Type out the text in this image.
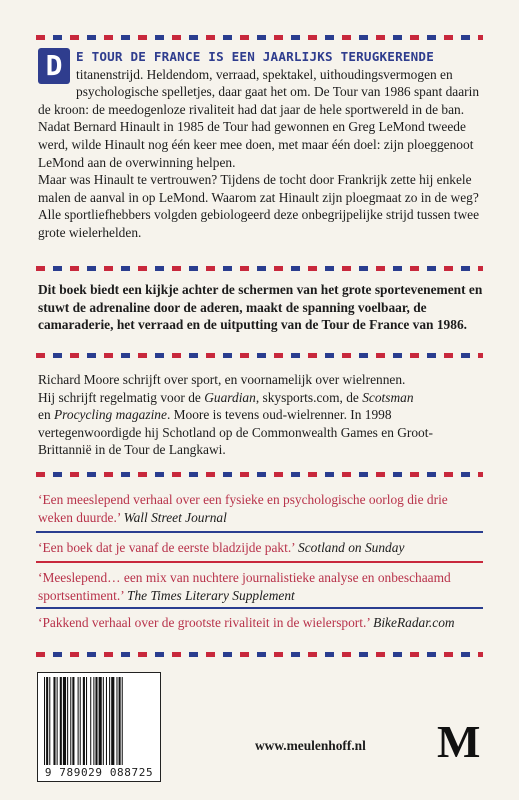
D	E TOUR DE FRANCE IS EEN JAARLIJKS TERUGKERENDE titanenstrijd. Heldendom, verraad, spektakel, uithoudingsvermogen en psychologische spelletjes, daar gaat het om. De Tour van 1986 spant daarin de kroon: de meedogenloze rivaliteit had dat jaar de hele sportwereld in de ban.

Nadat Bernard Hinault in 1985 de Tour had gewonnen en Greg LeMond tweede werd, wilde Hinault nog één keer mee doen, met maar één doel: zijn ploeggenoot LeMond aan de overwinning helpen.

Maar was Hinault te vertrouwen? Tijdens de tocht door Frankrijk zette hij enkele malen de aanval in op LeMond. Waarom zat Hinault zijn ploegmaat zo in de weg? Alle sportliefhebbers volgden gebiologeerd deze onbegrijpelijke strijd tussen twee grote wielerhelden.

Dit boek biedt een kijkje achter de schermen van het grote sportevenement en stuwt de adrenaline door de aderen, maakt de spanning voelbaar, de camaraderie, het verraad en de uitputting van de Tour de France van 1986.

Richard Moore schrijft over sport, en voornamelijk over wielrennen.
Hij schrijft regelmatig voor de Guardian, skysports.com, de Scotsman
en Procycling magazine. Moore is tevens oud-wielrenner. In 1998 vertegenwoordigde hij Schotland op de Commonwealth Games en Groot-Brittannië in de Tour de Langkawi.

‘Een meeslepend verhaal over een fysieke en psychologische oorlog die drie weken duurde.’ Wall Street Journal

‘Een boek dat je vanaf de eerste bladzijde pakt.’ Scotland on Sunday

‘Meeslepend… een mix van nuchtere journalistieke analyse en onbeschaamd sportsentiment.’ The Times Literary Supplement

‘Pakkend verhaal over de grootste rivaliteit in de wielersport.’ BikeRadar.com

9 789029 088725
www.meulenhoff.nl M
